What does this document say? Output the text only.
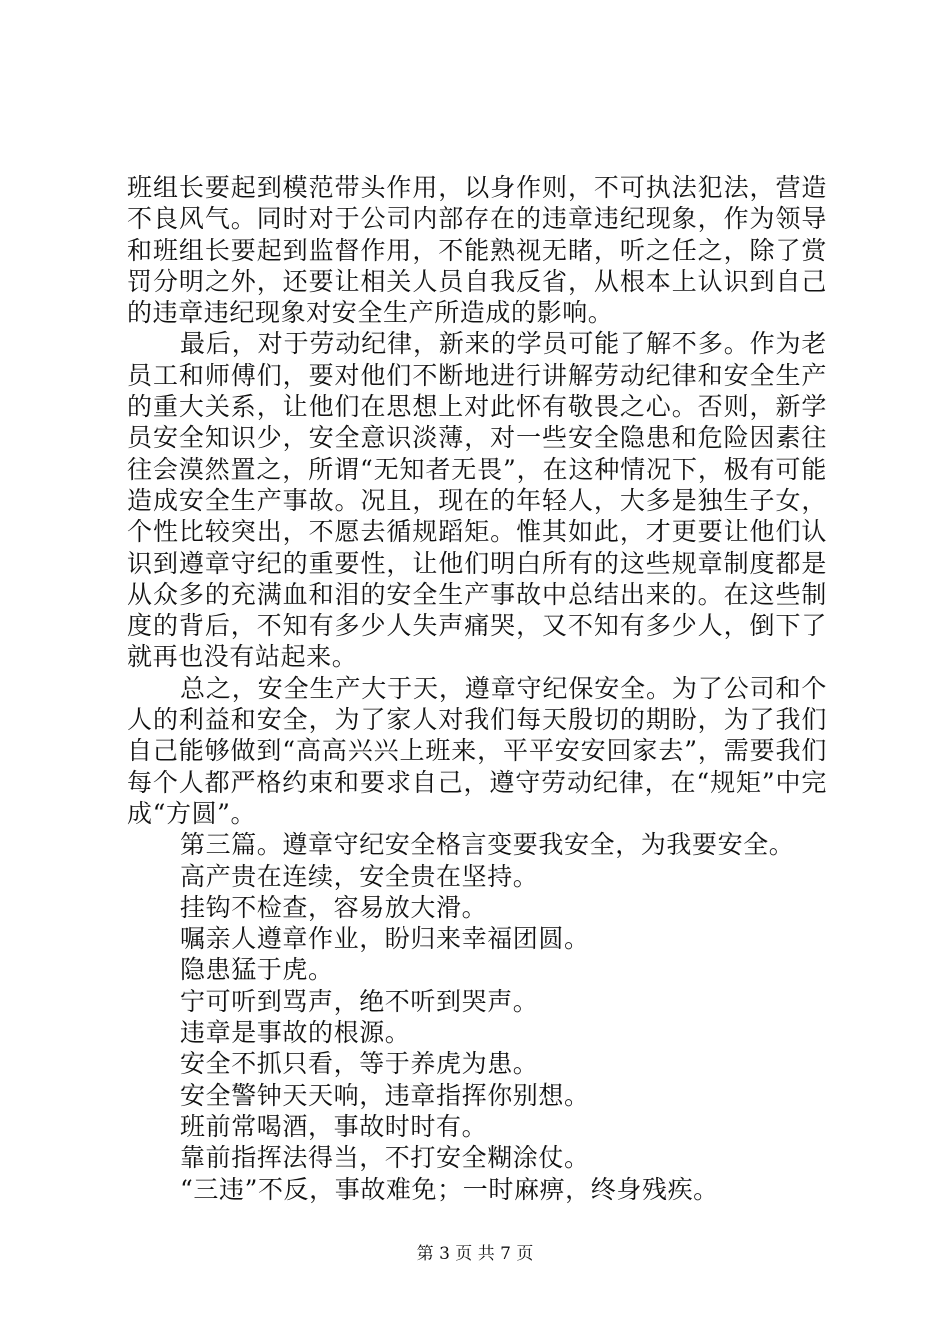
班组长要起到模范带头作用，以身作则，不可执法犯法，营造不良风气。同时对于公司内部存在的违章违纪现象，作为领导和班组长要起到监督作用，不能熟视无睹，听之任之，除了赏罚分明之外，还要让相关人员自我反省，从根本上认识到自己的违章违纪现象对安全生产所造成的影响。

最后，对于劳动纪律，新来的学员可能了解不多。作为老员工和师傅们，要对他们不断地进行讲解劳动纪律和安全生产的重大关系，让他们在思想上对此怀有敬畏之心。否则，新学员安全知识少，安全意识淡薄，对一些安全隐患和危险因素往往会漠然置之，所谓“无知者无畏”，在这种情况下，极有可能造成安全生产事故。况且，现在的年轻人，大多是独生子女，个性比较突出，不愿去循规蹈矩。惟其如此，才更要让他们认识到遵章守纪的重要性，让他们明白所有的这些规章制度都是从众多的充满血和泪的安全生产事故中总结出来的。在这些制度的背后，不知有多少人失声痛哭，又不知有多少人，倒下了就再也没有站起来。

总之，安全生产大于天，遵章守纪保安全。为了公司和个人的利益和安全，为了家人对我们每天殷切的期盼，为了我们自己能够做到“高高兴兴上班来，平平安安回家去”，需要我们每个人都严格约束和要求自己，遵守劳动纪律，在“规矩”中完成“方圆”。

第三篇。遵章守纪安全格言变要我安全，为我要安全。

高产贵在连续，安全贵在坚持。

挂钩不检查，容易放大滑。

嘱亲人遵章作业，盼归来幸福团圆。

隐患猛于虎。

宁可听到骂声，绝不听到哭声。

违章是事故的根源。

安全不抓只看，等于养虎为患。

安全警钟天天响，违章指挥你别想。

班前常喝酒，事故时时有。

靠前指挥法得当，不打安全糊涂仗。

“三违”不反，事故难免；一时麻痹，终身残疾。

第 3 页 共 7 页
